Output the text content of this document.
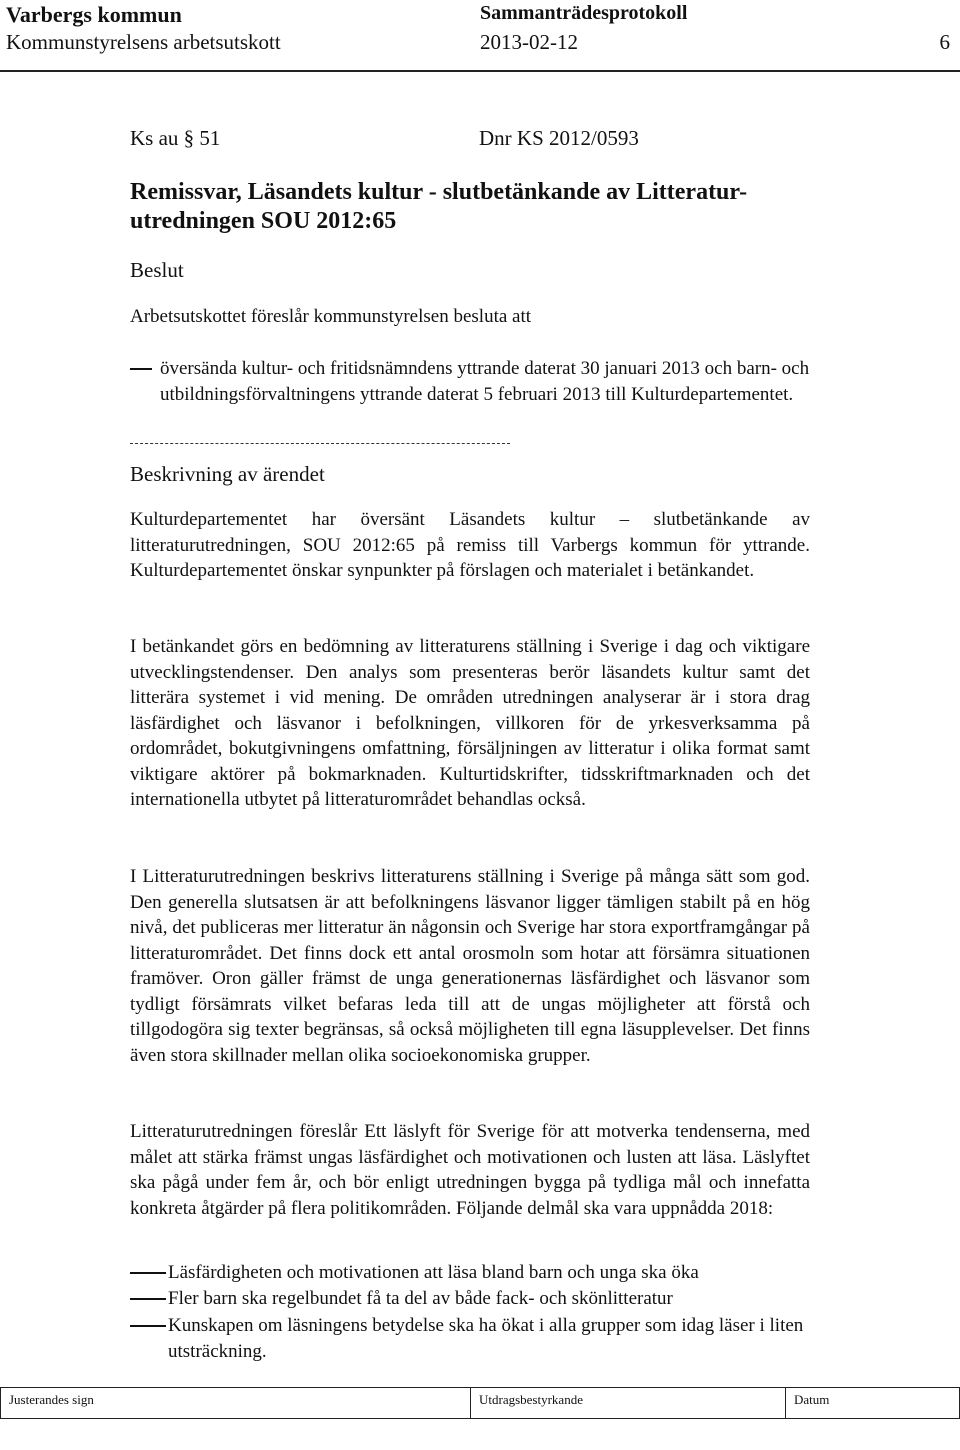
Varbergs kommun	Sammanträdesprotokoll
Kommunstyrelsens arbetsutskott	2013-02-12	6
Ks au § 51	Dnr KS 2012/0593
Remissvar, Läsandets kultur - slutbetänkande av Litteratur-utredningen SOU 2012:65
Beslut
Arbetsutskottet föreslår kommunstyrelsen besluta att
översända kultur- och fritidsnämndens yttrande daterat 30 januari 2013 och barn- och utbildningsförvaltningens yttrande daterat 5 februari 2013 till Kulturdepartementet.
Beskrivning av ärendet

Kulturdepartementet har översänt Läsandets kultur – slutbetänkande av litteraturutredningen, SOU 2012:65 på remiss till Varbergs kommun för yttrande. Kulturdepartementet önskar synpunkter på förslagen och materialet i betänkandet.

I betänkandet görs en bedömning av litteraturens ställning i Sverige i dag och viktigare utvecklingstendenser. Den analys som presenteras berör läsandets kultur samt det litterära systemet i vid mening. De områden utredningen analyserar är i stora drag läsfärdighet och läsvanor i befolkningen, villkoren för de yrkesverksamma på ordområdet, bokutgivningens omfattning, försäljningen av litteratur i olika format samt viktigare aktörer på bokmarknaden. Kulturtidskrifter, tidsskriftmarknaden och det internationella utbytet på litteraturområdet behandlas också.

I Litteraturutredningen beskrivs litteraturens ställning i Sverige på många sätt som god. Den generella slutsatsen är att befolkningens läsvanor ligger tämligen stabilt på en hög nivå, det publiceras mer litteratur än någonsin och Sverige har stora exportframgångar på litteraturområdet. Det finns dock ett antal orosmoln som hotar att försämra situationen framöver. Oron gäller främst de unga generationernas läsfärdighet och läsvanor som tydligt försämrats vilket befaras leda till att de ungas möjligheter att förstå och tillgodogöra sig texter begränsas, så också möjligheten till egna läsupplevelser. Det finns även stora skillnader mellan olika socioekonomiska grupper.

Litteraturutredningen föreslår Ett läslyft för Sverige för att motverka tendenserna, med målet att stärka främst ungas läsfärdighet och motivationen och lusten att läsa. Läslyftet ska pågå under fem år, och bör enligt utredningen bygga på tydliga mål och innefatta konkreta åtgärder på flera politikområden. Följande delmål ska vara uppnådda 2018:

Läsfärdigheten och motivationen att läsa bland barn och unga ska öka
Fler barn ska regelbundet få ta del av både fack- och skönlitteratur
Kunskapen om läsningens betydelse ska ha ökat i alla grupper som idag läser i liten utsträckning.
Justerandes sign	Utdragsbestyrkande	Datum
